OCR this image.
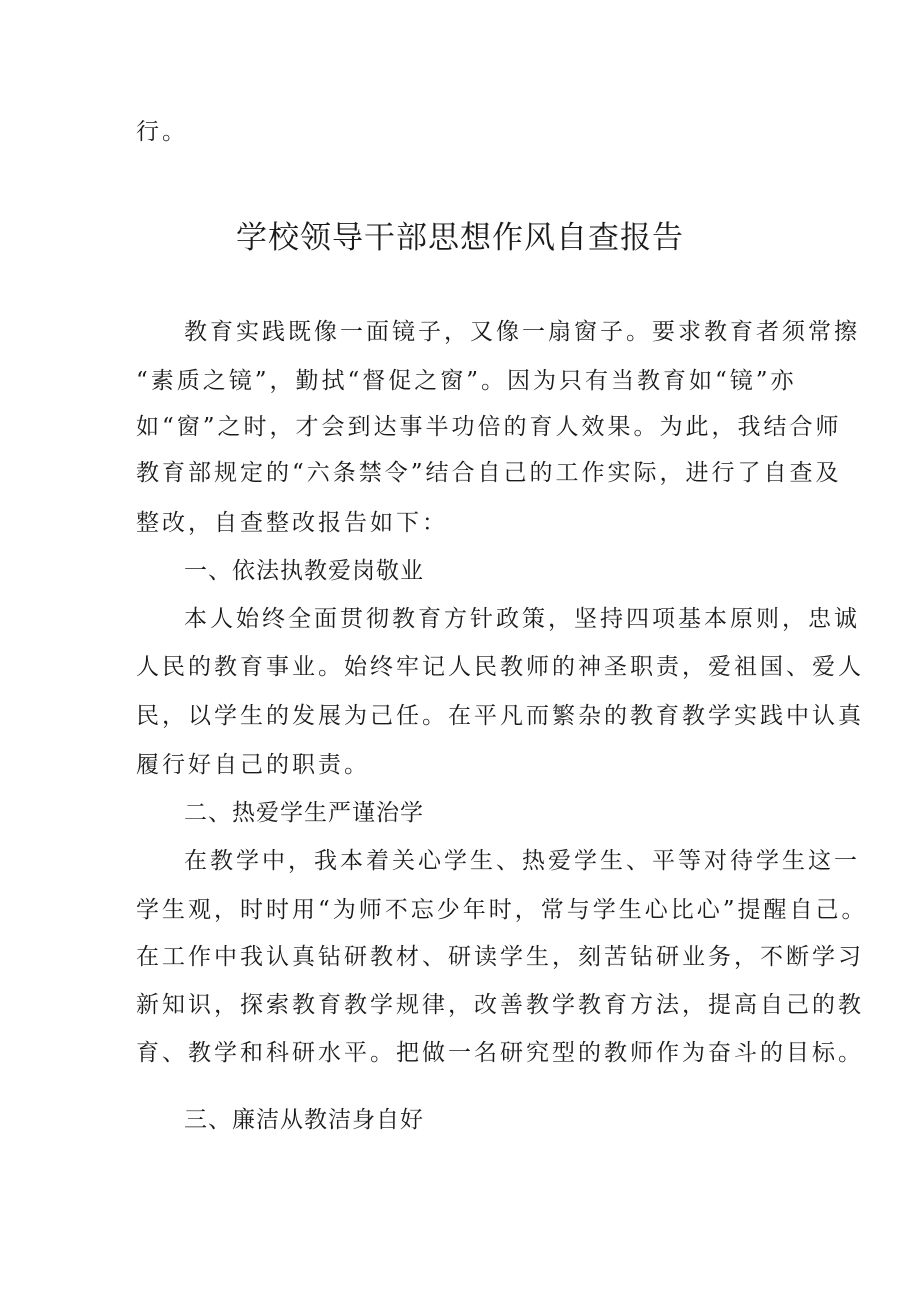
行。
学校领导干部思想作风自查报告
教育实践既像一面镜子，又像一扇窗子。要求教育者须常擦
“素质之镜”，勤拭“督促之窗”。因为只有当教育如“镜”亦
如“窗”之时，才会到达事半功倍的育人效果。为此，我结合师
教育部规定的“六条禁令”结合自己的工作实际，进行了自查及
整改，自查整改报告如下：
一、依法执教爱岗敬业
本人始终全面贯彻教育方针政策，坚持四项基本原则，忠诚
人民的教育事业。始终牢记人民教师的神圣职责，爱祖国、爱人
民，以学生的发展为己任。在平凡而繁杂的教育教学实践中认真
履行好自己的职责。
二、热爱学生严谨治学
在教学中，我本着关心学生、热爱学生、平等对待学生这一
学生观，时时用“为师不忘少年时，常与学生心比心”提醒自己。
在工作中我认真钻研教材、研读学生，刻苦钻研业务，不断学习
新知识，探索教育教学规律，改善教学教育方法，提高自己的教
育、教学和科研水平。把做一名研究型的教师作为奋斗的目标。
三、廉洁从教洁身自好
